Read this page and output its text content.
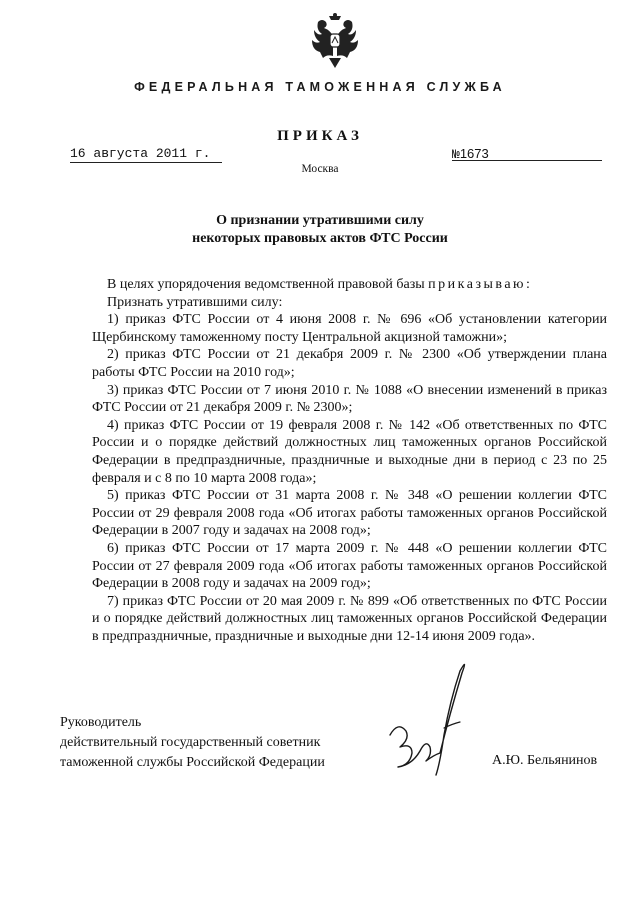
ФЕДЕРАЛЬНАЯ ТАМОЖЕННАЯ СЛУЖБА
ПРИКАЗ
16 августа 2011 г.	№1673
Москва
О признании утратившими силу
некоторых правовых актов ФТС России

В целях упорядочения ведомственной правовой базы приказываю:

Признать утратившими силу:

1) приказ ФТС России от 4 июня 2008 г. № 696 «Об установлении категории Щербинскому таможенному посту Центральной акцизной таможни»;

2) приказ ФТС России от 21 декабря 2009 г. № 2300 «Об утверждении плана работы ФТС России на 2010 год»;

3) приказ ФТС России от 7 июня 2010 г. № 1088 «О внесении изменений в приказ ФТС России от 21 декабря 2009 г. № 2300»;

4) приказ ФТС России от 19 февраля 2008 г. № 142 «Об ответственных по ФТС России и о порядке действий должностных лиц таможенных органов Российской Федерации в предпраздничные, праздничные и выходные дни в период с 23 по 25 февраля и с 8 по 10 марта 2008 года»;

5) приказ ФТС России от 31 марта 2008 г. № 348 «О решении коллегии ФТС России от 29 февраля 2008 года «Об итогах работы таможенных органов Российской Федерации в 2007 году и задачах на 2008 год»;

6) приказ ФТС России от 17 марта 2009 г. № 448 «О решении коллегии ФТС России от 27 февраля 2009 года «Об итогах работы таможенных органов Российской Федерации в 2008 году и задачах на 2009 год»;

7) приказ ФТС России от 20 мая 2009 г. № 899 «Об ответственных по ФТС России и о порядке действий должностных лиц таможенных органов Российской Федерации в предпраздничные, праздничные и выходные дни 12-14 июня 2009 года».

Руководитель
действительный государственный советник
таможенной службы Российской Федерации	А.Ю. Бельянинов
